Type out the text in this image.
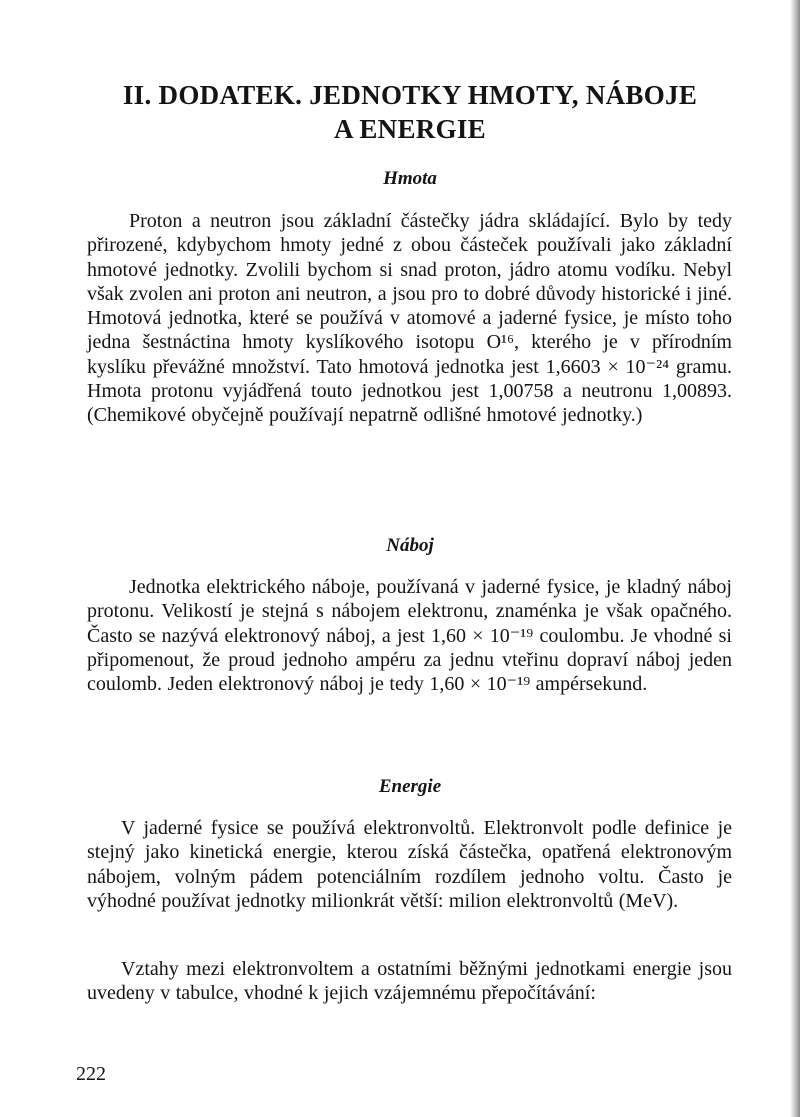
II. DODATEK. JEDNOTKY HMOTY, NÁBOJE
A ENERGIE
Hmota

Proton a neutron jsou základní částečky jádra skládající. Bylo by tedy přirozené, kdybychom hmoty jedné z obou částeček používali jako základní hmotové jednotky. Zvolili bychom si snad proton, jádro atomu vodíku. Nebyl však zvolen ani proton ani neutron, a jsou pro to dobré důvody historické i jiné. Hmotová jednotka, které se používá v atomové a jaderné fysice, je místo toho jedna šestnáctina hmoty kyslíkového isotopu O¹⁶, kterého je v přírodním kyslíku převážné množství. Tato hmotová jednotka jest 1,6603 × 10⁻²⁴ gramu. Hmota protonu vyjádřená touto jednotkou jest 1,00758 a neutronu 1,00893. (Chemikové obyčejně používají nepatrně odlišné hmotové jednotky.)

Náboj

Jednotka elektrického náboje, používaná v jaderné fysice, je kladný náboj protonu. Velikostí je stejná s nábojem elektronu, znaménka je však opačného. Často se nazývá elektronový náboj, a jest 1,60 × 10⁻¹⁹ coulombu. Je vhodné si připomenout, že proud jednoho ampéru za jednu vteřinu dopraví náboj jeden coulomb. Jeden elektronový náboj je tedy 1,60 × 10⁻¹⁹ ampérsekund.

Energie

V jaderné fysice se používá elektronvoltů. Elektronvolt podle definice je stejný jako kinetická energie, kterou získá částečka, opatřená elektronovým nábojem, volným pádem potenciálním rozdílem jednoho voltu. Často je výhodné používat jednotky milionkrát větší: milion elektronvoltů (MeV).

Vztahy mezi elektronvoltem a ostatními běžnými jednotkami energie jsou uvedeny v tabulce, vhodné k jejich vzájemnému přepočítávání:

222
